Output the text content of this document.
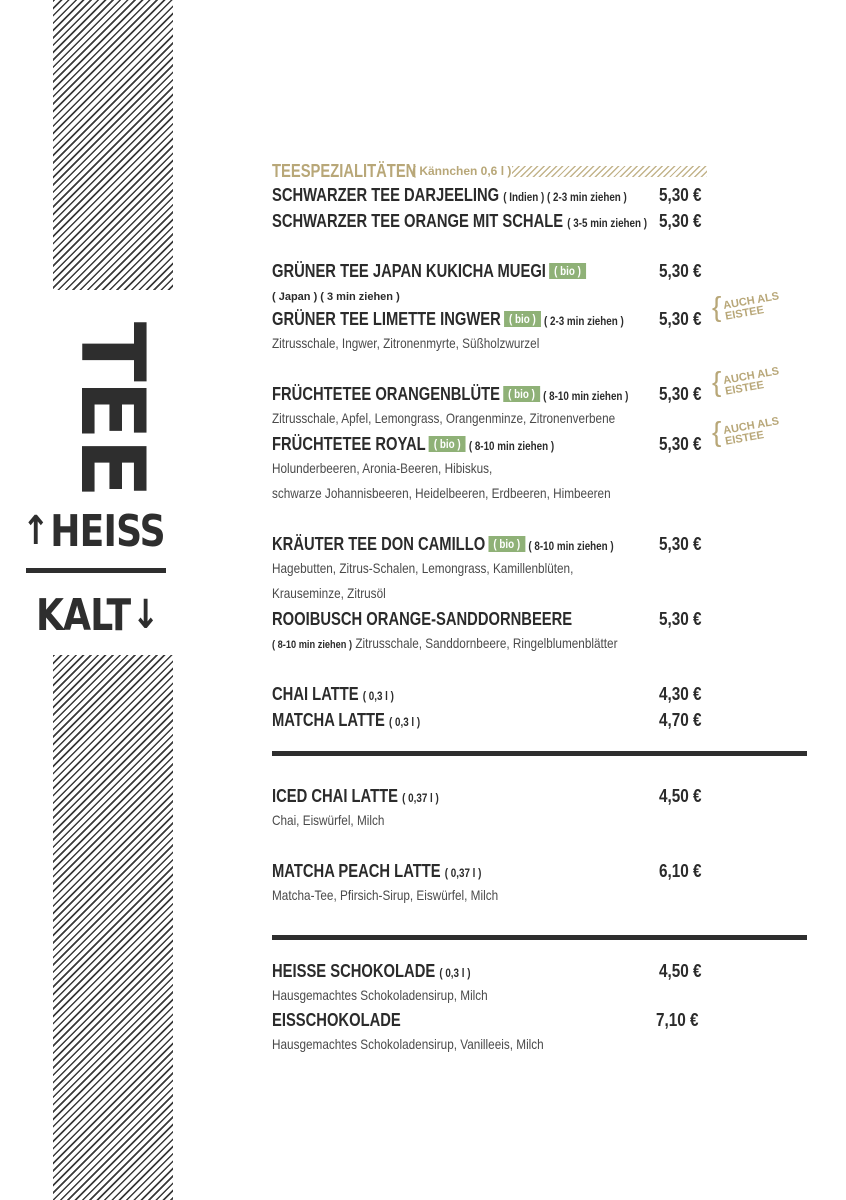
TEE
↑ HEISS
KALT ↓
TEESPEZIALITÄTEN
( Kännchen 0,6 l )
SCHWARZER TEE DARJEELING ( Indien ) ( 2-3 min ziehen ) 5,30 €
SCHWARZER TEE ORANGE MIT SCHALE ( 3-5 min ziehen ) 5,30 €
GRÜNER TEE JAPAN KUKICHA MUEGI ( bio )	5,30 €
( Japan ) ( 3 min ziehen )
GRÜNER TEE LIMETTE INGWER ( bio ) ( 2-3 min ziehen ) 5,30 € { AUCH ALS
EISTEE
Zitrusschale, Ingwer, Zitronenmyrte, Süßholzwurzel
FRÜCHTETEE ORANGENBLÜTE ( bio ) ( 8-10 min ziehen ) 5,30 € { AUCH ALS
EISTEE
Zitrusschale, Apfel, Lemongrass, Orangenminze, Zitronenverbene
FRÜCHTETEE ROYAL ( bio ) ( 8-10 min ziehen )	5,30 € { AUCH ALS
EISTEE
Holunderbeeren, Aronia-Beeren, Hibiskus,
schwarze Johannisbeeren, Heidelbeeren, Erdbeeren, Himbeeren
KRÄUTER TEE DON CAMILLO ( bio ) ( 8-10 min ziehen )	5,30 €
Hagebutten, Zitrus-Schalen, Lemongrass, Kamillenblüten,
Krauseminze, Zitrusöl
ROOIBUSCH ORANGE-SANDDORNBEERE	5,30 €
( 8-10 min ziehen ) Zitrusschale, Sanddornbeere, Ringelblumenblätter
CHAI LATTE ( 0,3 l )	4,30 €
MATCHA LATTE ( 0,3 l )	4,70 €
ICED CHAI LATTE ( 0,37 l )	4,50 €
Chai, Eiswürfel, Milch
MATCHA PEACH LATTE ( 0,37 l )	6,10 €
Matcha-Tee, Pfirsich-Sirup, Eiswürfel, Milch
HEISSE SCHOKOLADE ( 0,3 l )	4,50 €
Hausgemachtes Schokoladensirup, Milch
EISSCHOKOLADE	7,10 €
Hausgemachtes Schokoladensirup, Vanilleeis, Milch
